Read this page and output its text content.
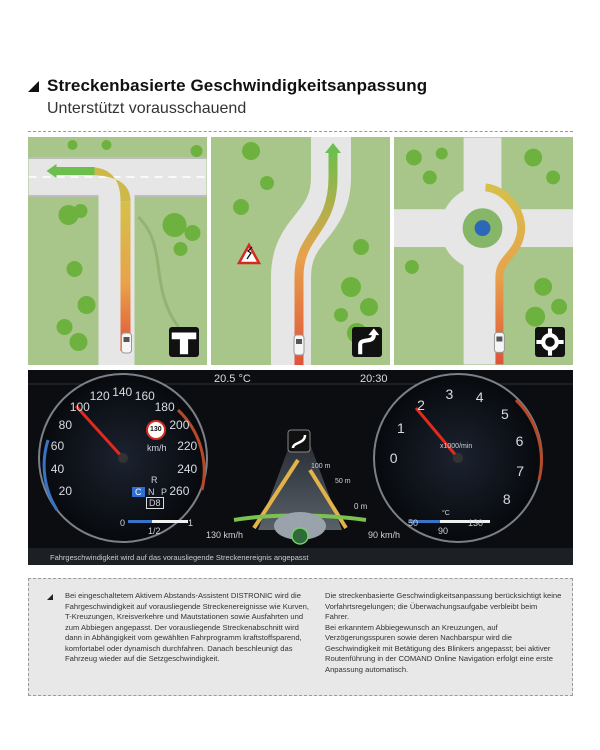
Streckenbasierte Geschwindigkeitsanpassung
Unterstützt vorausschauend
20.5 °C	20:30
20
40
60
80
100
120 140 160
180
200
220
240
260
km/h
130
R
N P
C
D8
0
1/2
1
130 km/h	90 km/h
100 m
50 m
0 m
0
1
2
3 4
5
6
7
8
x1000/min
50
90
130
°C
Fahrgeschwindigkeit wird auf das vorausliegende Streckenereignis angepasst

Bei eingeschaltetem Aktivem Abstands-Assistent DISTRONIC wird die Fahrgeschwindigkeit auf vorausliegende Streckenereignisse wie Kurven, T-Kreuzungen, Kreisverkehre und Mautstationen sowie Ausfahrten und zum Abbiegen angepasst. Der vorausliegende Streckenabschnitt wird dann in Abhängigkeit vom gewählten Fahrprogramm kraftstoffsparend, komfortabel oder dynamisch durchfahren. Danach beschleunigt das Fahrzeug wieder auf die Setzgeschwindigkeit.

Die streckenbasierte Geschwindigkeitsanpassung berücksichtigt keine Vorfahrtsregelungen; die Überwachungsaufgabe verbleibt beim Fahrer.

Bei erkanntem Abbiegewunsch an Kreuzungen, auf Verzögerungsspuren sowie deren Nachbarspur wird die Geschwindigkeit mit Betätigung des Blinkers angepasst; bei aktiver Routenführung in der COMAND Online Navigation erfolgt eine erste Anpassung automatisch.
